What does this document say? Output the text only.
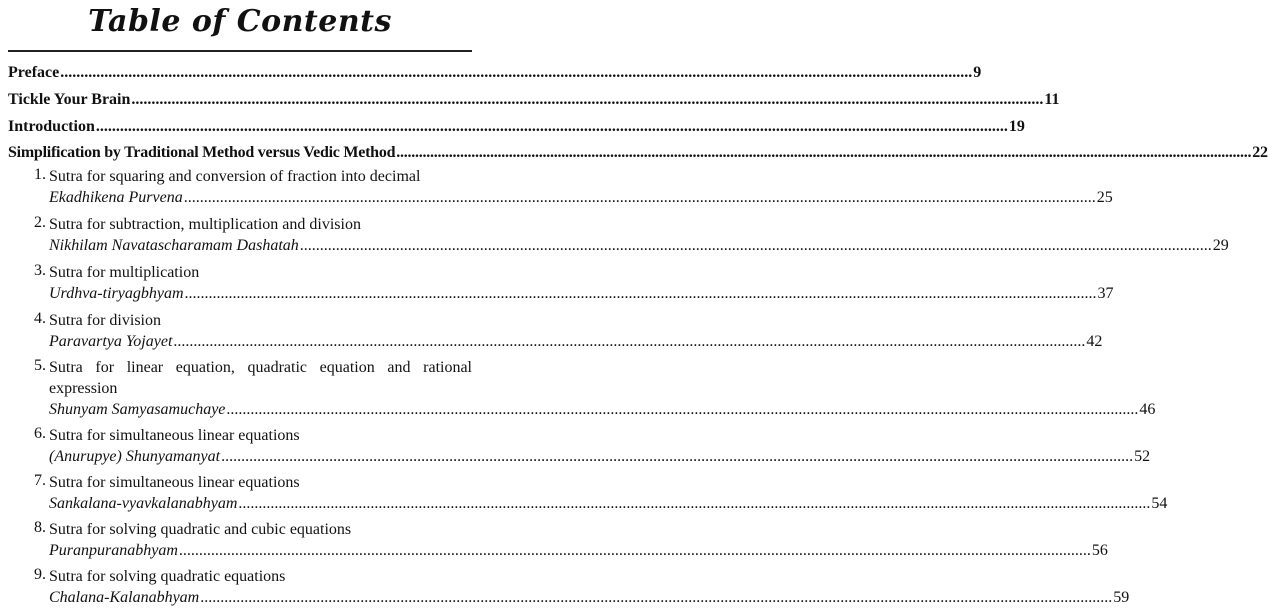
Table of Contents
Preface .................................................................................................................................................................................................................................... 9
Tickle Your Brain .................................................................................................................................................................................................................................... 11
Introduction .................................................................................................................................................................................................................................... 19
Simplification by Traditional Method versus Vedic Method .................................................................................................................................................................................................................................... 22
1. Sutra for squaring and conversion of fraction into decimal
Ekadhikena Purvena .................................................................................................................................................................................................................................... 25
2. Sutra for subtraction, multiplication and division
Nikhilam Navatascharamam Dashatah .................................................................................................................................................................................................................................... 29
3. Sutra for multiplication
Urdhva-tiryagbhyam .................................................................................................................................................................................................................................... 37
4. Sutra for division
Paravartya Yojayet .................................................................................................................................................................................................................................... 42
5. Sutra for linear equation, quadratic equation and rational
expression
Shunyam Samyasamuchaye .................................................................................................................................................................................................................................... 46
6. Sutra for simultaneous linear equations
(Anurupye) Shunyamanyat .................................................................................................................................................................................................................................... 52
7. Sutra for simultaneous linear equations
Sankalana-vyavkalanabhyam .................................................................................................................................................................................................................................... 54
8. Sutra for solving quadratic and cubic equations
Puranpuranabhyam .................................................................................................................................................................................................................................... 56
9. Sutra for solving quadratic equations
Chalana-Kalanabhyam .................................................................................................................................................................................................................................... 59
